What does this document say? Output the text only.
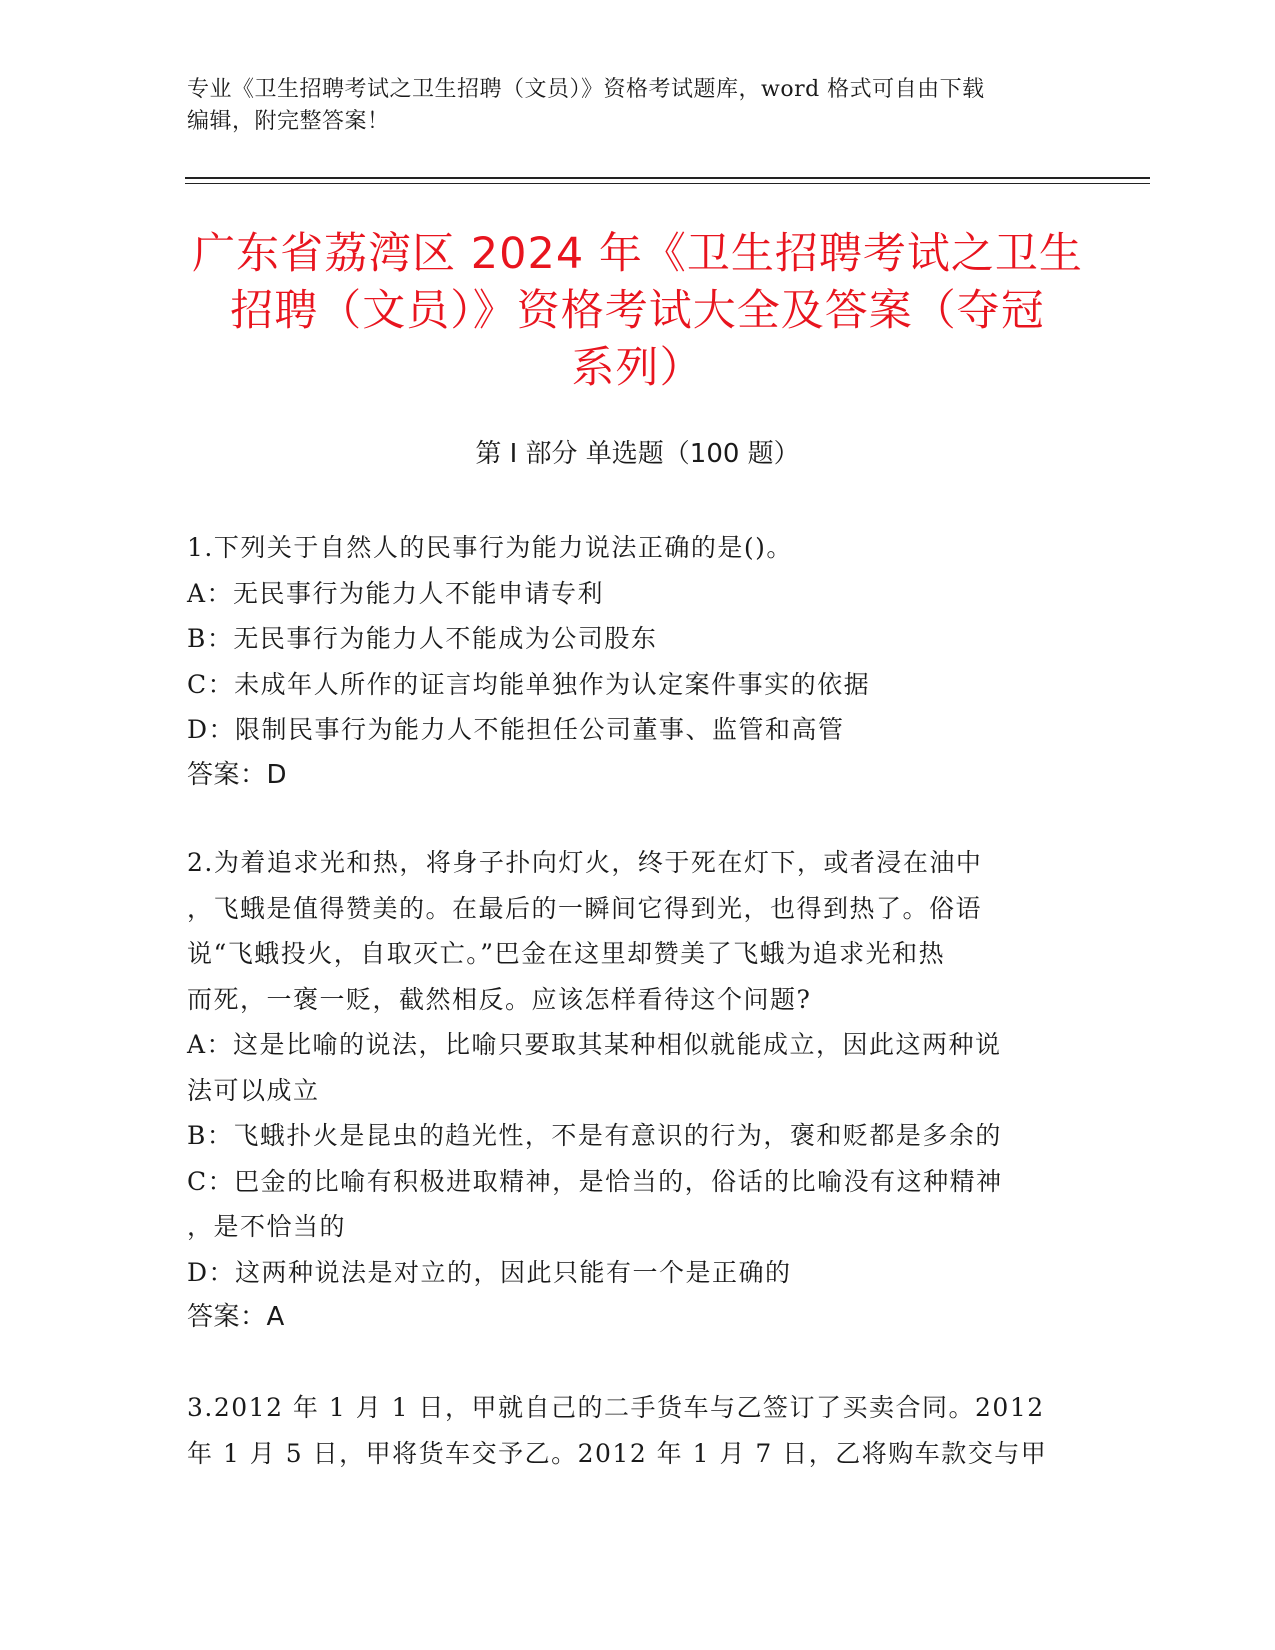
专业《卫生招聘考试之卫生招聘（文员）》资格考试题库，word 格式可自由下载
编辑，附完整答案！
广东省荔湾区 2024 年《卫生招聘考试之卫生
招聘（文员）》资格考试大全及答案（夺冠
系列）
第 I 部分 单选题（100 题）
1.下列关于自然人的民事行为能力说法正确的是()。
A：无民事行为能力人不能申请专利
B：无民事行为能力人不能成为公司股东
C：未成年人所作的证言均能单独作为认定案件事实的依据
D：限制民事行为能力人不能担任公司董事、监管和高管
答案：D
2.为着追求光和热，将身子扑向灯火，终于死在灯下，或者浸在油中
，飞蛾是值得赞美的。在最后的一瞬间它得到光，也得到热了。俗语
说“飞蛾投火，自取灭亡。”巴金在这里却赞美了飞蛾为追求光和热
而死，一褒一贬，截然相反。应该怎样看待这个问题?
A：这是比喻的说法，比喻只要取其某种相似就能成立，因此这两种说
法可以成立
B：飞蛾扑火是昆虫的趋光性，不是有意识的行为，褒和贬都是多余的
C：巴金的比喻有积极进取精神，是恰当的，俗话的比喻没有这种精神
，是不恰当的
D：这两种说法是对立的，因此只能有一个是正确的
答案：A
3.2012 年 1 月 1 日，甲就自己的二手货车与乙签订了买卖合同。2012
年 1 月 5 日，甲将货车交予乙。2012 年 1 月 7 日，乙将购车款交与甲
